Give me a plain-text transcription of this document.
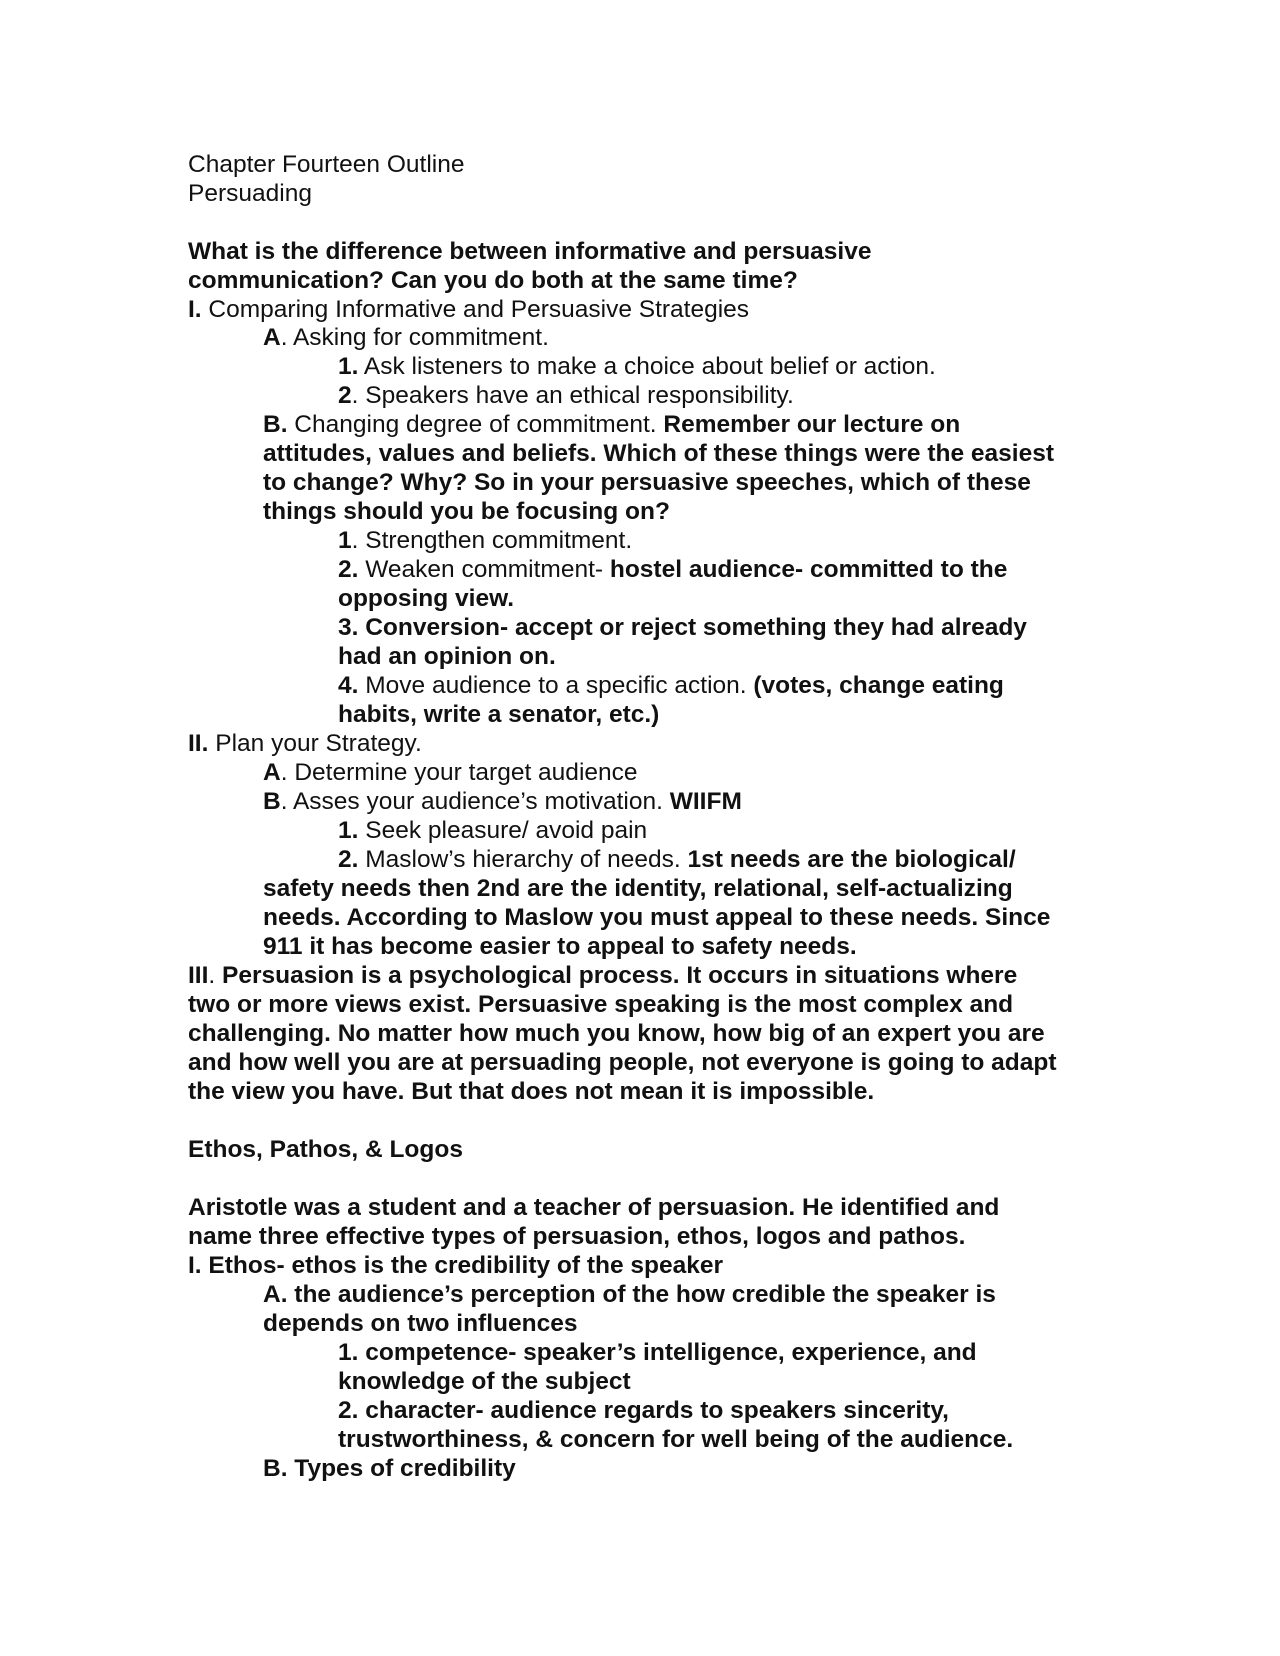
Chapter Fourteen Outline
Persuading
What is the difference between informative and persuasive
communication? Can you do both at the same time?
I. Comparing Informative and Persuasive Strategies
A. Asking for commitment.
1. Ask listeners to make a choice about belief or action.
2. Speakers have an ethical responsibility.
B. Changing degree of commitment. Remember our lecture on
attitudes, values and beliefs. Which of these things were the easiest
to change? Why? So in your persuasive speeches, which of these
things should you be focusing on?
1. Strengthen commitment.
2. Weaken commitment- hostel audience- committed to the
opposing view.
3. Conversion- accept or reject something they had already
had an opinion on.
4. Move audience to a specific action. (votes, change eating
habits, write a senator, etc.)
II. Plan your Strategy.
A. Determine your target audience
B. Asses your audience’s motivation. WIIFM
1. Seek pleasure/ avoid pain
2. Maslow’s hierarchy of needs. 1st needs are the biological/
safety needs then 2nd are the identity, relational, self-actualizing
needs. According to Maslow you must appeal to these needs. Since
911 it has become easier to appeal to safety needs.
III. Persuasion is a psychological process. It occurs in situations where
two or more views exist. Persuasive speaking is the most complex and
challenging. No matter how much you know, how big of an expert you are
and how well you are at persuading people, not everyone is going to adapt
the view you have. But that does not mean it is impossible.
Ethos, Pathos, & Logos
Aristotle was a student and a teacher of persuasion. He identified and
name three effective types of persuasion, ethos, logos and pathos.
I. Ethos- ethos is the credibility of the speaker
A. the audience’s perception of the how credible the speaker is
depends on two influences
1. competence- speaker’s intelligence, experience, and
knowledge of the subject
2. character- audience regards to speakers sincerity,
trustworthiness, & concern for well being of the audience.
B. Types of credibility
